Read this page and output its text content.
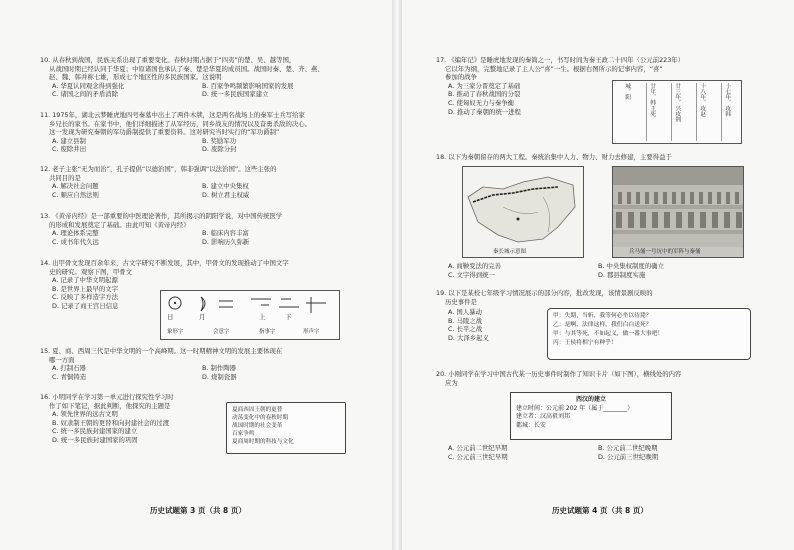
10. 从春秋到战国，民族关系出现了重要变化。春秋时期占据于“四夷”的楚、吴、越等国，
从战国时期已经认同于华夏；中原诸国也承认了秦、楚是华夏的成员国。战国时秦、楚、齐、燕、
赵、魏、韩并称七雄，形成七个地区性的多民族国家。这说明
A. 华夏认同观念得到强化	B. 百家争鸣频繁影响国家的发展
C. 诸国之间的矛盾消除	D. 统一多民族国家建立
11. 1975年，湖北云梦睡虎地四号秦墓中出土了两件木牍，这是两名战场上的秦军士兵写给家
乡兄长的家书。在家书中，他们详细描述了从军经历，同乡战友的情况以及奋勇杀敌的决心。
这一发现为研究秦朝的军功爵制提供了重要资料。这对研究当时实行的“军功爵制”
A. 建立县制	B. 奖励军功
C. 废除井田	D. 废除分封
12. 老子主张“无为而治”，孔子提倡“以德治国”，韩非强调“以法治国”。这些主张的
共同目的是
A. 解决社会问题	B. 建立中央集权
C. 顺应自然法则	D. 树立君主权威
13. 《黄帝内经》是一部重要的中医理论著作，其所揭示的阴阳学说，对中国传统医学
的形成和发展奠定了基础。由此可知《黄帝内经》
A. 理论体系完整	B. 临床内容丰富
C. 成书年代久远	D. 影响历久弥新
14. 出甲骨文发现百余年来，古文字研究不断发展，其中，甲骨文的发现推动了中国文字
史的研究。观察下图，甲骨文
A. 记录了中华文明起源
B. 是世界上最早的文字
C. 反映了多样造字方法
D. 记录了商王宫日信息
日	月	上	下
象形字	会意字	指事字	形声字
15. 夏、商、西周三代是中华文明的一个高峰期。这一时期精神文明的发展主要体现在
哪一方面
A. 打制石器	B. 制作陶器
C. 青铜铸造	D. 烧制瓷器
16. 小明同学在学习第一单元进行探究性学习时
作了如下笔记，据此判断，他探究的主题是
A. 领先世界的远古文明
B. 奴隶制王朝的更替和向封建社会的过渡
C. 统一多民族封建国家的建立
D. 统一多民族封建国家的巩固
夏商西周王朝的更替
动荡变化中的春秋时期
战国时期的社会变革
百家争鸣
夏商周时期的科技与文化
历史试题第 3 页（共 8 页）
17. 《编年记》是睡虎地发现的秦简之一，书写时间为秦王政二十四年（公元前223年）
它以年为纲，完整地记录了主人公“喜”一生。根据右图所示的记事内容，“喜”
参加的战争
A. 为三家分晋奠定了基础
B. 推动了春秋战国的分裂
C. 使匈奴无力与秦争衡
D. 推动了秦朝的统一进程	十七年，攻韩
十八年，攻赵
廿三年，兴攻荆
廿年，韩王死
城，阳
18. 以下为秦朝留存的两大工程。秦统治集中人力、物力、财力去修建，主要得益于
秦长城示意图	兵马俑一号坑中的军阵与秦俑
A. 商鞅变法的完善	B. 中央集权制度的确立
C. 文字得到统一	D. 郡县制度实施
19. 以下是某校七年级学习情况展示的部分内容，批改发现，该情景剧反映的
历史事件是
A. 国人暴动
B. 马陵之战
C. 长平之战
D. 大泽乡起义
甲：失期，当斩，我等何必坐以待毙？
乙：是啊，法律这样，我们白白送死？
甲：与其等死，不如起义，做一番大事吧！
丙：王侯将相宁有种乎！
20. 小刚同学在学习中国古代某一历史事件时制作了知识卡片（如下图），横线处的内容
应为
西汉的建立
建立时间：公元前 202 年（属于________）
建立者：汉高祖刘邦
都城：长安
A. 公元前二世纪早期	B. 公元前二世纪晚期
C. 公元前三世纪早期	D. 公元前三世纪晚期
历史试题第 4 页（共 8 页）
